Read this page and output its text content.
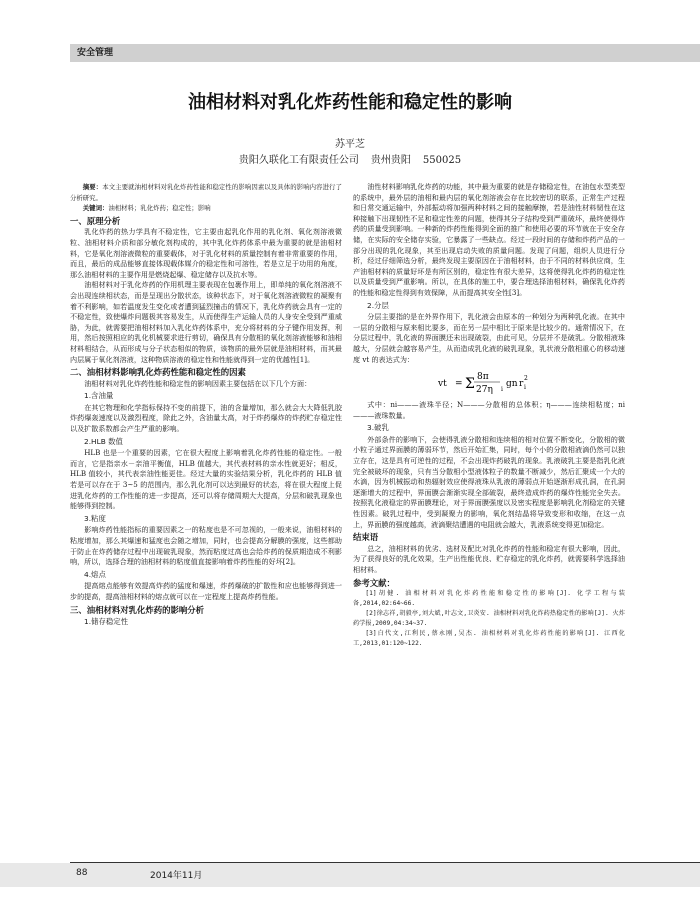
安全管理
油相材料对乳化炸药性能和稳定性的影响
苏平芝
贵阳久联化工有限责任公司 贵州贵阳 550025

摘要：本文主要就油相材料对乳化炸药性能和稳定性的影响因素以及具体的影响内容进行了分析研究。

关键词：油相材料；乳化炸药；稳定性；影响

一、原理分析

乳化炸药的热力学具有不稳定性，它主要由起乳化作用的乳化剂、氧化剂溶液微粒、油相材料介质和部分敏化剂构成的，其中乳化炸药体系中最为重要的就是油相材料，它是氧化剂溶液微粒的重要载体，对于乳化材料的质量控制有着非常重要的作用，而且，最后的成品能够直接体现载体媒介的稳定性和可溶性，若是立足于功用的角度，那么油相材料的主要作用是燃烧起爆、稳定储存以及抗水等。

油相材料对于乳化炸药的作用机理主要表现在包裹作用上，即单纯的氧化剂溶液不会出现连续相状态，而是呈现出分散状态，该种状态下，对于氧化剂溶液微粒的凝聚有着不利影响，如若温度发生变化或者遭到猛烈撞击的情况下，乳化炸药就会具有一定的不稳定性，致使爆炸问题极其容易发生，从而使得生产运输人员的人身安全受到严重威胁，为此，就需要把油相材料加入乳化炸药体系中，充分将材料的分子键作用发挥，利用，然后按照相应的乳化机械要求进行剪切，确保具有分散相的氧化剂溶液能够和油相材料相结合，从而形成与分子状态相似的物质，该物质的最外层就是油相材料，而其最内层属于氧化剂溶液，这种物质溶液的稳定性和性能就得到一定的优越性[1]。

二、油相材料影响乳化炸药性能和稳定性的因素

油相材料对乳化炸药性能和稳定性的影响因素主要包括在以下几个方面：

1.含油量

在其它物理和化学指标保持不变的前提下，油的含量增加，那么就会大大降低乳胶炸药爆轰速度以及激烈程度，除此之外，含油量太高，对于炸药爆炸的炸药贮存稳定性以及扩散系数都会产生严重的影响。

2.HLB 数值

HLB 也是一个重要的因素，它在很大程度上影响着乳化炸药性能的稳定性。一般而言，它是指亲水－亲油平衡值，HLB 值越大，其代表材料的亲水性就更好；相反，HLB 值较小，其代表亲油性能更佳。经过大量的实验结果分析，乳化炸药的 HLB 值若是可以存在于 3~5 的范围内，那么乳化剂可以达到最好的状态，将在很大程度上促进乳化炸药的工作性能的进一步提高，还可以将存储周期大大提高，分层和破乳现象也能够得到控制。

3.粘度

影响炸药性能指标的重要因素之一的粘度也是不可忽视的，一般来说，油相材料的粘度增加，那么其爆速和猛度也会随之增加，同时，也会提高分解膜的强度，这些都助于防止在炸药储存过程中出现破乳现象，然而粘度过高也会给炸药的保质期造成不利影响，所以，选择合理的油相材料的粘度值直接影响着炸药性能的好坏[2]。

4.熔点

提高熔点能够有效提高炸药的猛度和爆速，炸药爆破的扩散性和应也能够得到进一步的提高，提高油相材料的熔点就可以在一定程度上提高炸药性能。

三、油相材料对乳化炸药的影响分析
1.储存稳定性

油性材料影响乳化炸药的功能，其中最为重要的就是存储稳定性，在油包水型类型的系统中，最外层的油相和最内层的氧化剂溶液会存在比较密切的联系，正常生产过程和日常交通运输中，外部振动将加强两种材料之间的接触摩擦，若是油性材料韧性在这种接触下出现韧性不足和稳定性差的问题，使得其分子结构受到严重破坏，最终使得炸药的质量受到影响。一种新的炸药性能得到全面的推广和使用必要的环节就在于安全存储，在实际的安全储存实验，它暴露了一些缺点。经过一段时间的存储和炸药产品的一部分出现的乳化现象，其至出现启动失败的质量问题。发现了问题，组织人员进行分析，经过仔细筛选分析，最终发现主要原因在于油相材料，由于不同的材料供应商，生产油相材料的质量好坏是有所区别的，稳定性有很大差异，这将使得乳化炸药的稳定性以及质量受到严重影响。所以，在具体的施工中，要合理选择油相材料，确保乳化炸药的性能和稳定性得到有效保障，从而提高其安全性[3]。

2.分层

分层主要指的是在外界作用下，乳化液会由原本的一种划分为两种乳化液。在其中一层的分散相与原来相比要多，而在另一层中相比于原来是比较少的。通常情况下，在分层过程中，乳化液的界面膜还未出现破裂，由此可见，分层并不是破乳。分散相液珠越大，分层就会越容易产生，从而造成乳化液的破乳现象，乳状液分散相重心的移动速度 vt 的表达式为：

vt = Σ 8π
27η i
gn r i
2

式中：ni———液珠半径；N———分散相的总体积；η———连续相粘度；ni———液珠数量。

3.破乳

外部条件的影响下，会使得乳液分散相和连续相的相对位置不断变化，分散相的微小粒子通过界面膜的薄弱环节，然后开始汇集，同时，每个小的分散相液滴仍然可以独立存在，这是具有可逆性的过程，不会出现炸药破乳的现象。乳液破乳主要是指乳化液完全被破坏的现象，只有当分散相小型液体粒子的数量不断减少，然后汇聚成一个大的水滴，因为机械振动和热辐射效应使得液珠从乳液的薄弱点开始逐渐形成孔洞，在孔洞逐渐增大的过程中，界面膜会渐渐实现全部破裂，最终造成炸药的爆炸性能完全失去。按照乳化液稳定的界面膜理论，对于界面膜强度以及密实程度是影响乳化剂稳定的关键性因素。破乳过程中，受到凝聚力的影响，氧化剂结晶将导致变形和收缩，在这一点上，界面膜的强度越高，液滴聚结遭遇的电阻就会越大，乳液系统变得更加稳定。

结束语

总之，油相材料的优劣、选材及配比对乳化炸药的性能和稳定有很大影响，因此，为了获得良好的乳化效果，生产出性能优良、贮存稳定的乳化炸药，就需要科学选择油相材料。

参考文献：

[1]胡健. 油相材料对乳化炸药性能和稳定性的影响[J]. 化学工程与装备,2014,02:64~66.

[2]徐志祥,胡毅亭,刘大斌,叶志文,卫炎安. 油相材料对乳化炸药热稳定性的影响[J]. 火炸药学报,2009,04:34~37.

[3]白代文,江利民,蔡永刚,吴杰. 油相材料对乳化炸药性能的影响[J]. 江西化工,2013,01:120~122.

88	2014年11月
